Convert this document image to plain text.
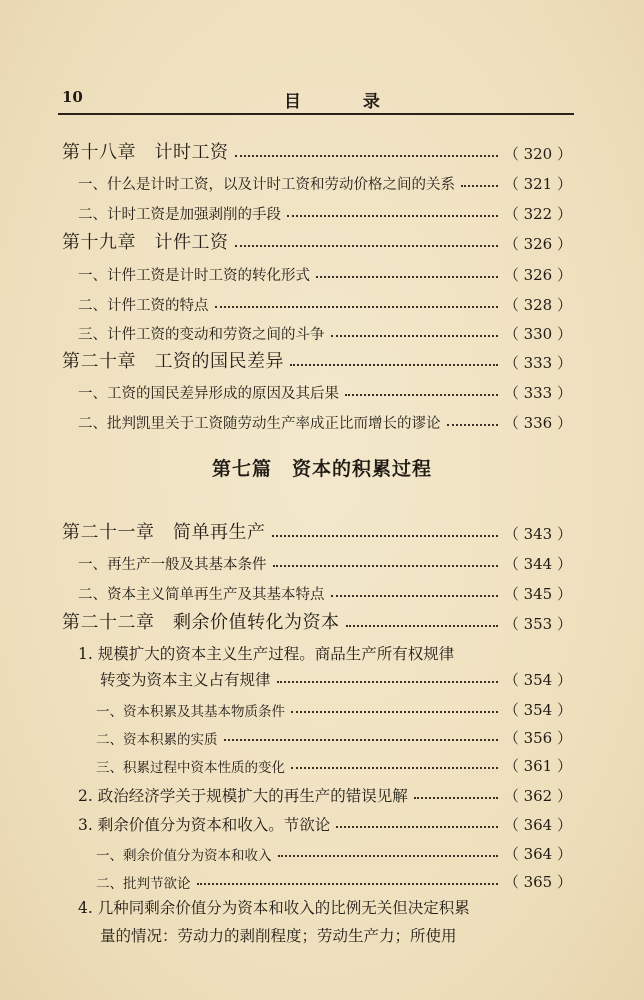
10	目 录
第十八章　计时工资	（ 320 ）
一、什么是计时工资，以及计时工资和劳动价格之间的关系	（ 321 ）
二、计时工资是加强剥削的手段	（ 322 ）
第十九章　计件工资	（ 326 ）
一、计件工资是计时工资的转化形式	（ 326 ）
二、计件工资的特点	（ 328 ）
三、计件工资的变动和劳资之间的斗争	（ 330 ）
第二十章　工资的国民差异	（ 333 ）
一、工资的国民差异形成的原因及其后果	（ 333 ）
二、批判凯里关于工资随劳动生产率成正比而增长的谬论	（ 336 ）
第七篇　资本的积累过程
第二十一章　简单再生产	（ 343 ）
一、再生产一般及其基本条件	（ 344 ）
二、资本主义简单再生产及其基本特点	（ 345 ）
第二十二章　剩余价值转化为资本	（ 353 ）
1. 规模扩大的资本主义生产过程。商品生产所有权规律
转变为资本主义占有规律	（ 354 ）
一、资本积累及其基本物质条件	（ 354 ）
二、资本积累的实质	（ 356 ）
三、积累过程中资本性质的变化	（ 361 ）
2. 政治经济学关于规模扩大的再生产的错误见解	（ 362 ）
3. 剩余价值分为资本和收入。节欲论	（ 364 ）
一、剩余价值分为资本和收入	（ 364 ）
二、批判节欲论	（ 365 ）
4. 几种同剩余价值分为资本和收入的比例无关但决定积累
量的情况：劳动力的剥削程度；劳动生产力；所使用
